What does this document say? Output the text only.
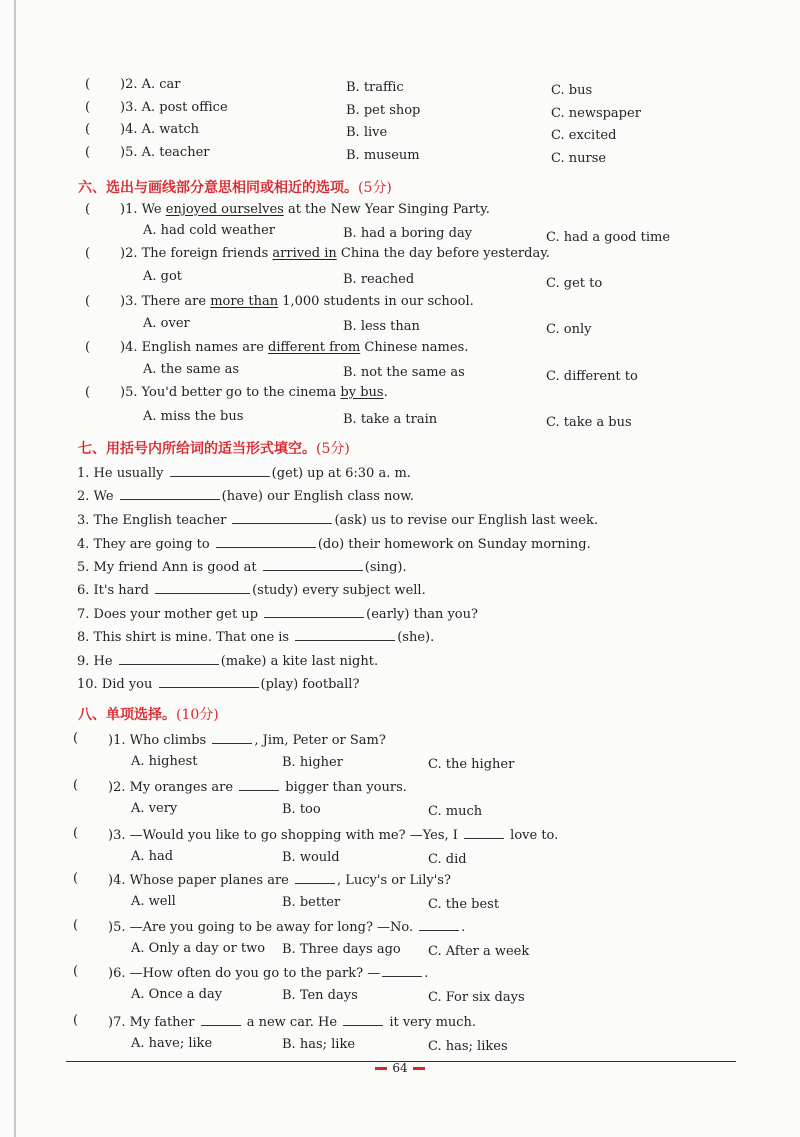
( )2. A. car	B. traffic	C. bus
( )3. A. post office	B. pet shop	C. newspaper
( )4. A. watch	B. live	C. excited
( )5. A. teacher	B. museum	C. nurse
六、选出与画线部分意思相同或相近的选项。(5分)
( )1. We enjoyed ourselves at the New Year Singing Party.
A. had cold weather	B. had a boring day	C. had a good time
( )2. The foreign friends arrived in China the day before yesterday.
A. got	B. reached	C. get to
( )3. There are more than 1,000 students in our school.
A. over	B. less than	C. only
( )4. English names are different from Chinese names.
A. the same as	B. not the same as	C. different to
( )5. You'd better go to the cinema by bus.
A. miss the bus	B. take a train	C. take a bus
七、用括号内所给词的适当形式填空。(5分)
1. He usually	(get) up at 6:30 a. m.
2. We	(have) our English class now.
3. The English teacher	(ask) us to revise our English last week.
4. They are going to	(do) their homework on Sunday morning.
5. My friend Ann is good at	(sing).
6. It's hard	(study) every subject well.
7. Does your mother get up	(early) than you?
8. This shirt is mine. That one is	(she).
9. He	(make) a kite last night.
10. Did you	(play) football?
八、单项选择。(10分)
( )1. Who climbs	, Jim, Peter or Sam?
A. highest	B. higher	C. the higher
( )2. My oranges are	bigger than yours.
A. very	B. too	C. much
( )3. —Would you like to go shopping with me? —Yes, I	love to.
A. had	B. would	C. did
( )4. Whose paper planes are	, Lucy's or Lily's?
A. well	B. better	C. the best
( )5. —Are you going to be away for long? —No.	.
A. Only a day or two B. Three days ago C. After a week
( )6. —How often do you go to the park? —	.
A. Once a day	B. Ten days	C. For six days
( )7. My father	a new car. He	it very much.
A. have; like	B. has; like	C. has; likes
64
